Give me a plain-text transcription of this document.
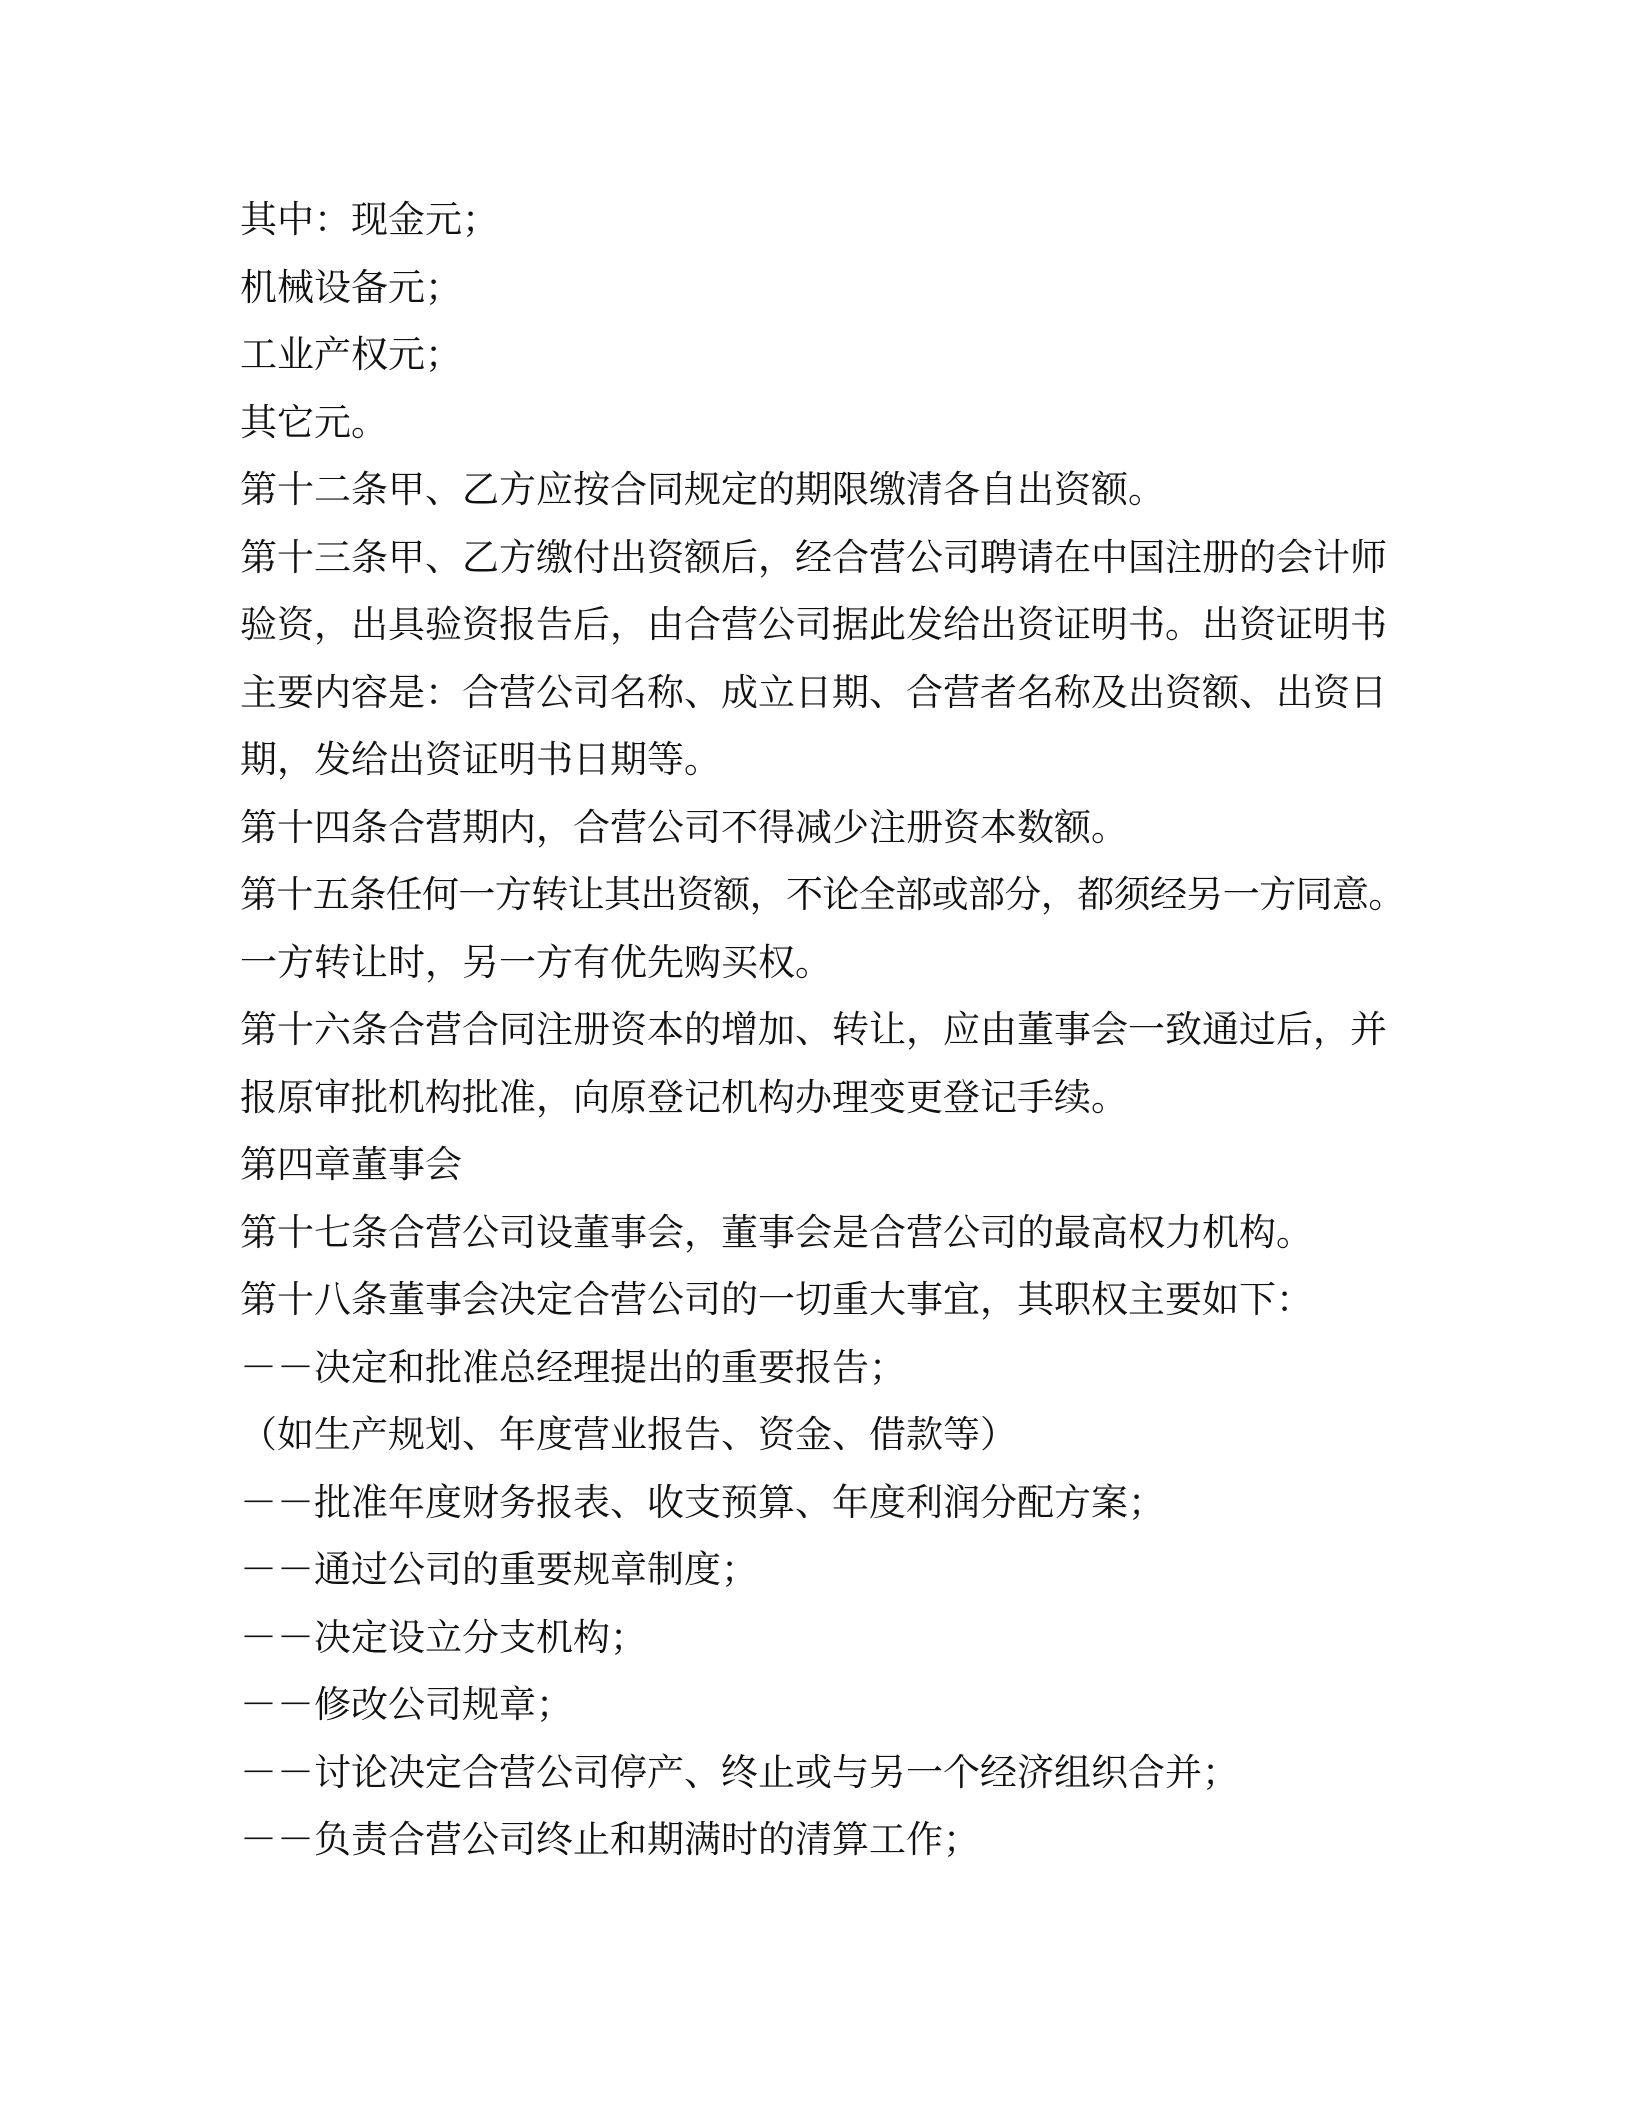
其中：现金元；
机械设备元；
工业产权元；
其它元。
第十二条甲、乙方应按合同规定的期限缴清各自出资额。
第十三条甲、乙方缴付出资额后，经合营公司聘请在中国注册的会计师
验资，出具验资报告后，由合营公司据此发给出资证明书。出资证明书
主要内容是：合营公司名称、成立日期、合营者名称及出资额、出资日
期，发给出资证明书日期等。
第十四条合营期内，合营公司不得减少注册资本数额。
第十五条任何一方转让其出资额，不论全部或部分，都须经另一方同意。
一方转让时，另一方有优先购买权。
第十六条合营合同注册资本的增加、转让，应由董事会一致通过后，并
报原审批机构批准，向原登记机构办理变更登记手续。
第四章董事会
第十七条合营公司设董事会，董事会是合营公司的最高权力机构。
第十八条董事会决定合营公司的一切重大事宜，其职权主要如下：
－－决定和批准总经理提出的重要报告；
（如生产规划、年度营业报告、资金、借款等）
－－批准年度财务报表、收支预算、年度利润分配方案；
－－通过公司的重要规章制度；
－－决定设立分支机构；
－－修改公司规章；
－－讨论决定合营公司停产、终止或与另一个经济组织合并；
－－负责合营公司终止和期满时的清算工作；
